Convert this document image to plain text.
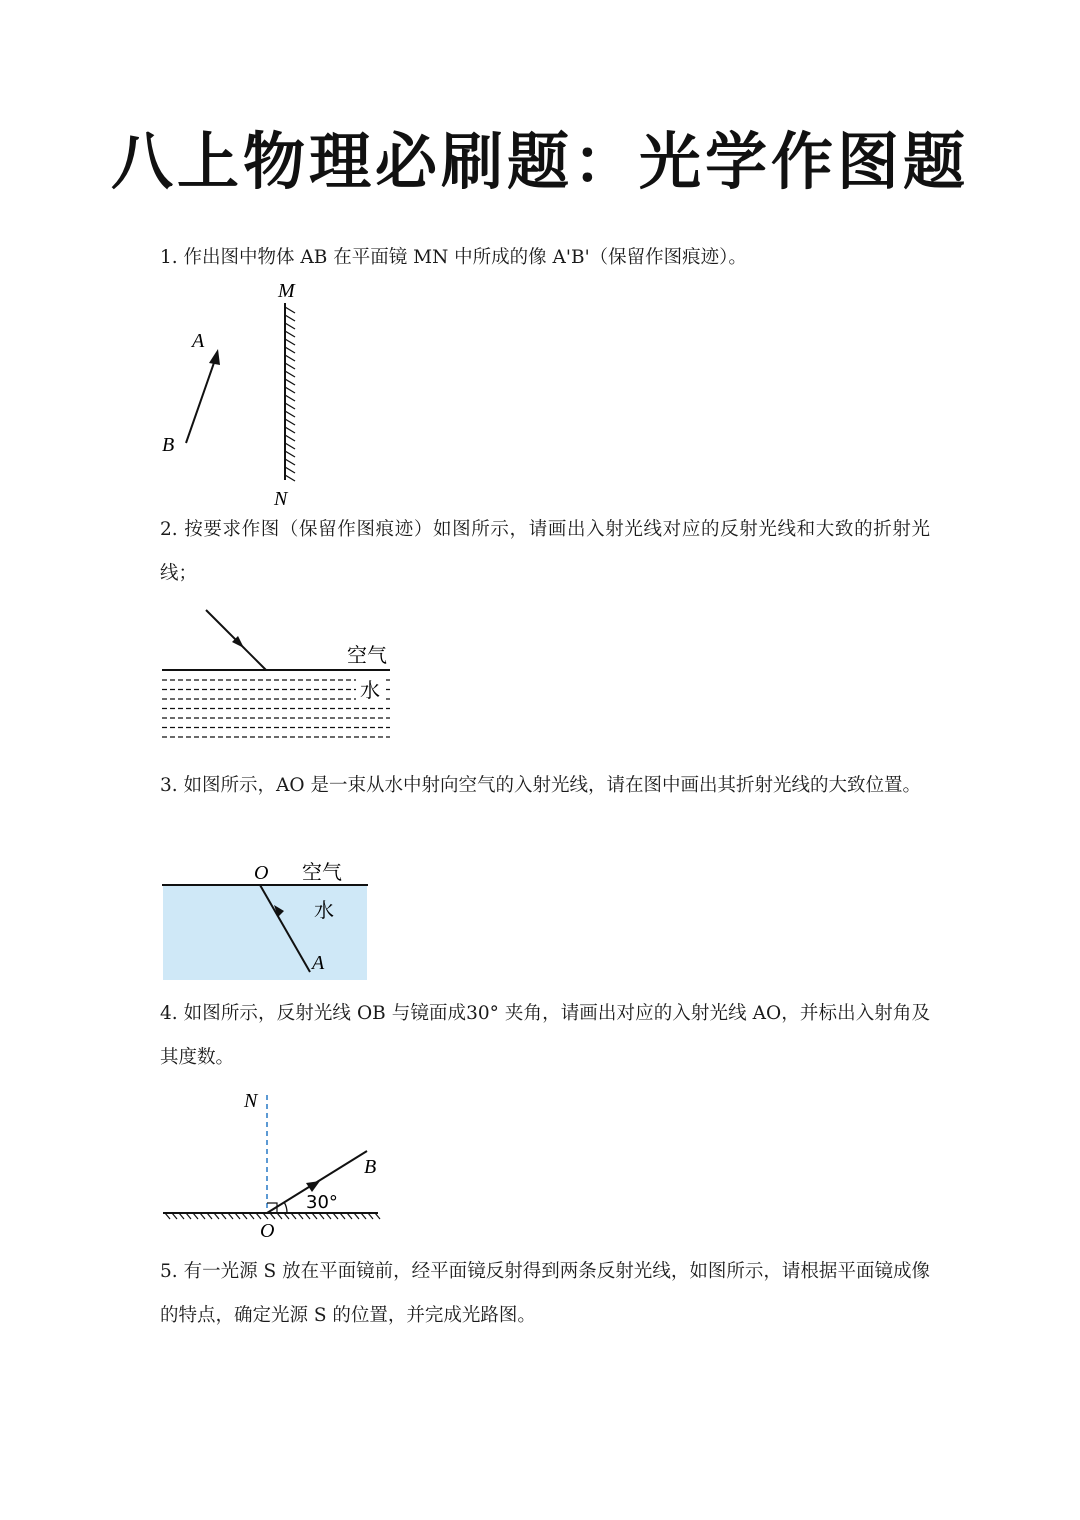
八上物理必刷题：光学作图题
1. 作出图中物体 AB 在平面镜 MN 中所成的像 A'B'（保留作图痕迹）。
M
N
A
B
2. 按要求作图（保留作图痕迹）如图所示，请画出入射光线对应的反射光线和大致的折射光线；
空气
水
3. 如图所示，AO 是一束从水中射向空气的入射光线，请在图中画出其折射光线的大致位置。
O 空气
水
A
4. 如图所示，反射光线 OB 与镜面成30° 夹角，请画出对应的入射光线 AO，并标出入射角及其度数。
30°
N
B
O
5. 有一光源 S 放在平面镜前，经平面镜反射得到两条反射光线，如图所示，请根据平面镜成像的特点，确定光源 S 的位置，并完成光路图。
